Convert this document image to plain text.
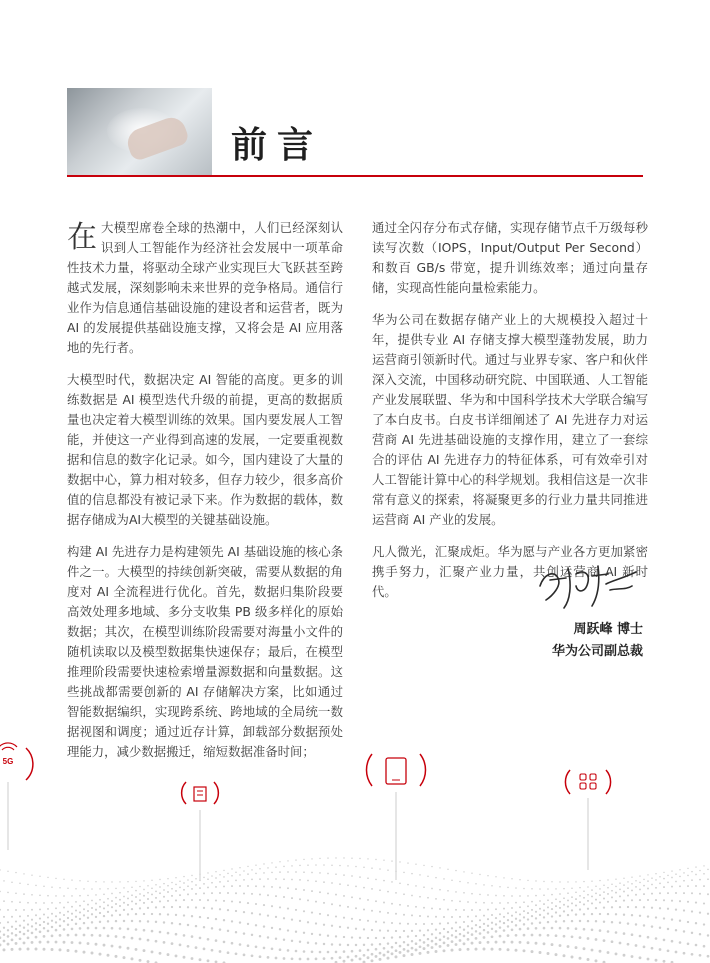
前言

在大模型席卷全球的热潮中，人们已经深刻认识到人工智能作为经济社会发展中一项革命性技术力量，将驱动全球产业实现巨大飞跃甚至跨越式发展，深刻影响未来世界的竞争格局。通信行业作为信息通信基础设施的建设者和运营者，既为 AI 的发展提供基础设施支撑，又将会是 AI 应用落地的先行者。

大模型时代，数据决定 AI 智能的高度。更多的训练数据是 AI 模型迭代升级的前提，更高的数据质量也决定着大模型训练的效果。国内要发展人工智能，并使这一产业得到高速的发展，一定要重视数据和信息的数字化记录。如今，国内建设了大量的数据中心，算力相对较多，但存力较少，很多高价值的信息都没有被记录下来。作为数据的载体，数据存储成为AI大模型的关键基础设施。

构建 AI 先进存力是构建领先 AI 基础设施的核心条件之一。大模型的持续创新突破，需要从数据的角度对 AI 全流程进行优化。首先，数据归集阶段要高效处理多地域、多分支收集 PB 级多样化的原始数据；其次，在模型训练阶段需要对海量小文件的随机读取以及模型数据集快速保存；最后，在模型推理阶段需要快速检索增量源数据和向量数据。这些挑战都需要创新的 AI 存储解决方案，比如通过智能数据编织，实现跨系统、跨地域的全局统一数据视图和调度；通过近存计算，卸载部分数据预处理能力，减少数据搬迁，缩短数据准备时间；

通过全闪存分布式存储，实现存储节点千万级每秒读写次数（IOPS，Input/Output Per Second）和数百 GB/s 带宽，提升训练效率；通过向量存储，实现高性能向量检索能力。

华为公司在数据存储产业上的大规模投入超过十年，提供专业 AI 存储支撑大模型蓬勃发展，助力运营商引领新时代。通过与业界专家、客户和伙伴深入交流，中国移动研究院、中国联通、人工智能产业发展联盟、华为和中国科学技术大学联合编写了本白皮书。白皮书详细阐述了 AI 先进存力对运营商 AI 先进基础设施的支撑作用，建立了一套综合的评估 AI 先进存力的特征体系，可有效牵引对人工智能计算中心的科学规划。我相信这是一次非常有意义的探索，将凝聚更多的行业力量共同推进运营商 AI 产业的发展。

凡人微光，汇聚成炬。华为愿与产业各方更加紧密携手努力，汇聚产业力量，共创运营商 AI 新时代。

周跃峰 博士
华为公司副总裁
5G
